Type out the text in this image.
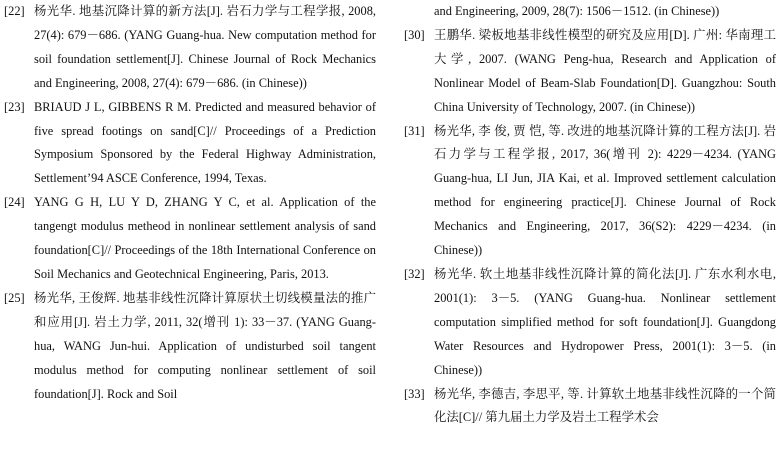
[22] 杨光华. 地基沉降计算的新方法[J]. 岩石力学与工程学报, 2008, 27(4): 679－686. (YANG Guang-hua. New computation method for soil foundation settlement[J]. Chinese Journal of Rock Mechanics and Engineering, 2008, 27(4): 679－686. (in Chinese))
[23] BRIAUD J L, GIBBENS R M. Predicted and measured behavior of five spread footings on sand[C]// Proceedings of a Prediction Symposium Sponsored by the Federal Highway Administration, Settlement’94 ASCE Conference, 1994, Texas.
[24] YANG G H, LU Y D, ZHANG Y C, et al. Application of the tangengt modulus metheod in nonlinear settlement analysis of sand foundation[C]// Proceedings of the 18th International Conference on Soil Mechanics and Geotechnical Engineering, Paris, 2013.
[25] 杨光华, 王俊辉. 地基非线性沉降计算原状土切线模量法的推广和应用[J]. 岩土力学, 2011, 32(增刊 1): 33－37. (YANG Guang-hua, WANG Jun-hui. Application of undisturbed soil tangent modulus method for computing nonlinear settlement of soil foundation[J]. Rock and Soil
and Engineering, 2009, 28(7): 1506－1512. (in Chinese))
[30] 王鹏华. 梁板地基非线性模型的研究及应用[D]. 广州: 华南理工大学, 2007. (WANG Peng-hua, Research and Application of Nonlinear Model of Beam-Slab Foundation[D]. Guangzhou: South China University of Technology, 2007. (in Chinese))
[31] 杨光华, 李 俊, 贾 恺, 等. 改进的地基沉降计算的工程方法[J]. 岩石力学与工程学报, 2017, 36(增刊 2): 4229－4234. (YANG Guang-hua, LI Jun, JIA Kai, et al. Improved settlement calculation method for engineering practice[J]. Chinese Journal of Rock Mechanics and Engineering, 2017, 36(S2): 4229－4234. (in Chinese))
[32] 杨光华. 软土地基非线性沉降计算的简化法[J]. 广东水利水电, 2001(1): 3－5. (YANG Guang-hua. Nonlinear settlement computation simplified method for soft foundation[J]. Guangdong Water Resources and Hydropower Press, 2001(1): 3－5. (in Chinese))
[33] 杨光华, 李德吉, 李思平, 等. 计算软土地基非线性沉降的一个简化法[C]// 第九届土力学及岩土工程学术会
